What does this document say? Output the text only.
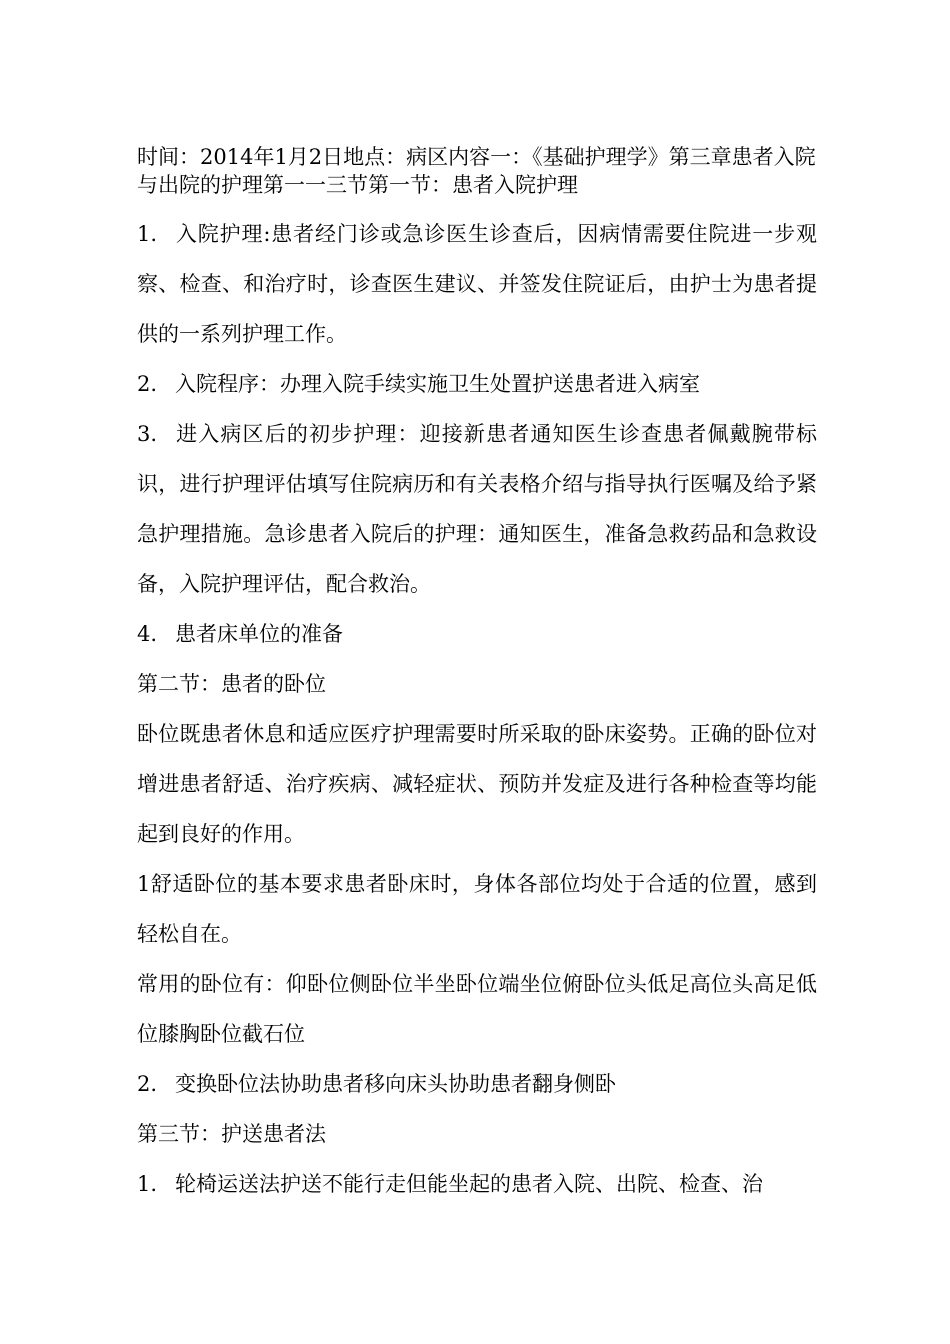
时间：2014年1月2日地点：病区内容一：《基础护理学》第三章患者入院与出院的护理第一一三节第一节：患者入院护理

1. 入院护理:患者经门诊或急诊医生诊查后，因病情需要住院进一步观察、检查、和治疗时，诊查医生建议、并签发住院证后，由护士为患者提供的一系列护理工作。

2. 入院程序：办理入院手续实施卫生处置护送患者进入病室

3. 进入病区后的初步护理：迎接新患者通知医生诊查患者佩戴腕带标识，进行护理评估填写住院病历和有关表格介绍与指导执行医嘱及给予紧急护理措施。急诊患者入院后的护理：通知医生，准备急救药品和急救设备，入院护理评估，配合救治。

4. 患者床单位的准备

第二节：患者的卧位

卧位既患者休息和适应医疗护理需要时所采取的卧床姿势。正确的卧位对增进患者舒适、治疗疾病、减轻症状、预防并发症及进行各种检查等均能起到良好的作用。

1舒适卧位的基本要求患者卧床时，身体各部位均处于合适的位置，感到轻松自在。

常用的卧位有：仰卧位侧卧位半坐卧位端坐位俯卧位头低足高位头高足低位膝胸卧位截石位

2. 变换卧位法协助患者移向床头协助患者翻身侧卧

第三节：护送患者法

1. 轮椅运送法护送不能行走但能坐起的患者入院、出院、检查、治
